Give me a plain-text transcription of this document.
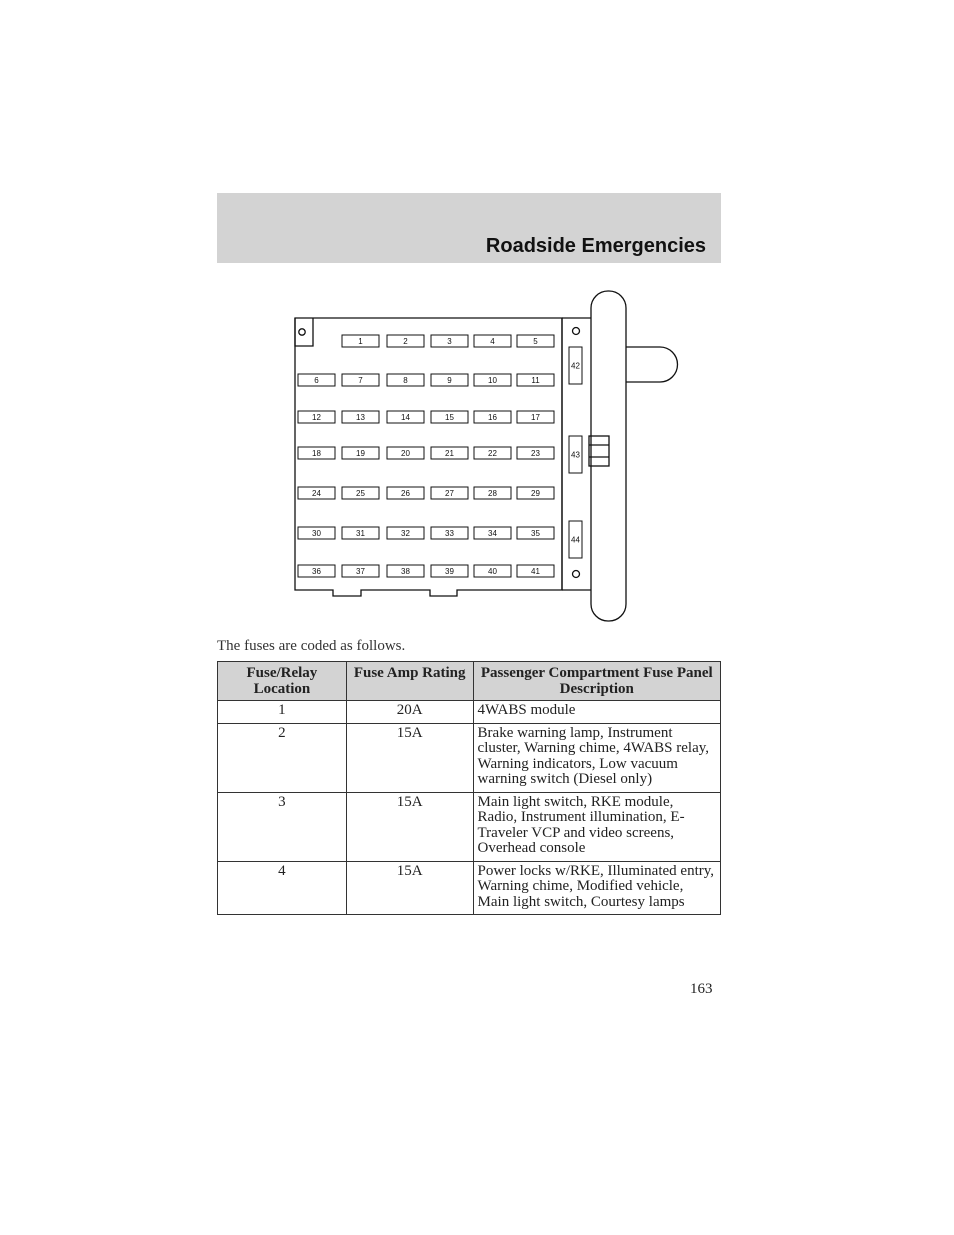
Roadside Emergencies
1	2	3	4	5
6	7	8	9	10	11
12	13	14	15	16	17
18	19	20	21	22	23
24	25	26	27	28	29
30	31	32	33	34	35
36	37	38	39	40	41
42
43
44
The fuses are coded as follows.
Fuse/Relay Location	Fuse Amp Rating	Passenger Compartment Fuse Panel Description
1	20A	4WABS module
2	15A	Brake warning lamp, Instrument cluster, Warning chime, 4WABS relay, Warning indicators, Low vacuum warning switch (Diesel only)
3	15A	Main light switch, RKE module, Radio, Instrument illumination, E-Traveler VCP and video screens, Overhead console
4	15A	Power locks w/RKE, Illuminated entry, Warning chime, Modified vehicle, Main light switch, Courtesy lamps
163
